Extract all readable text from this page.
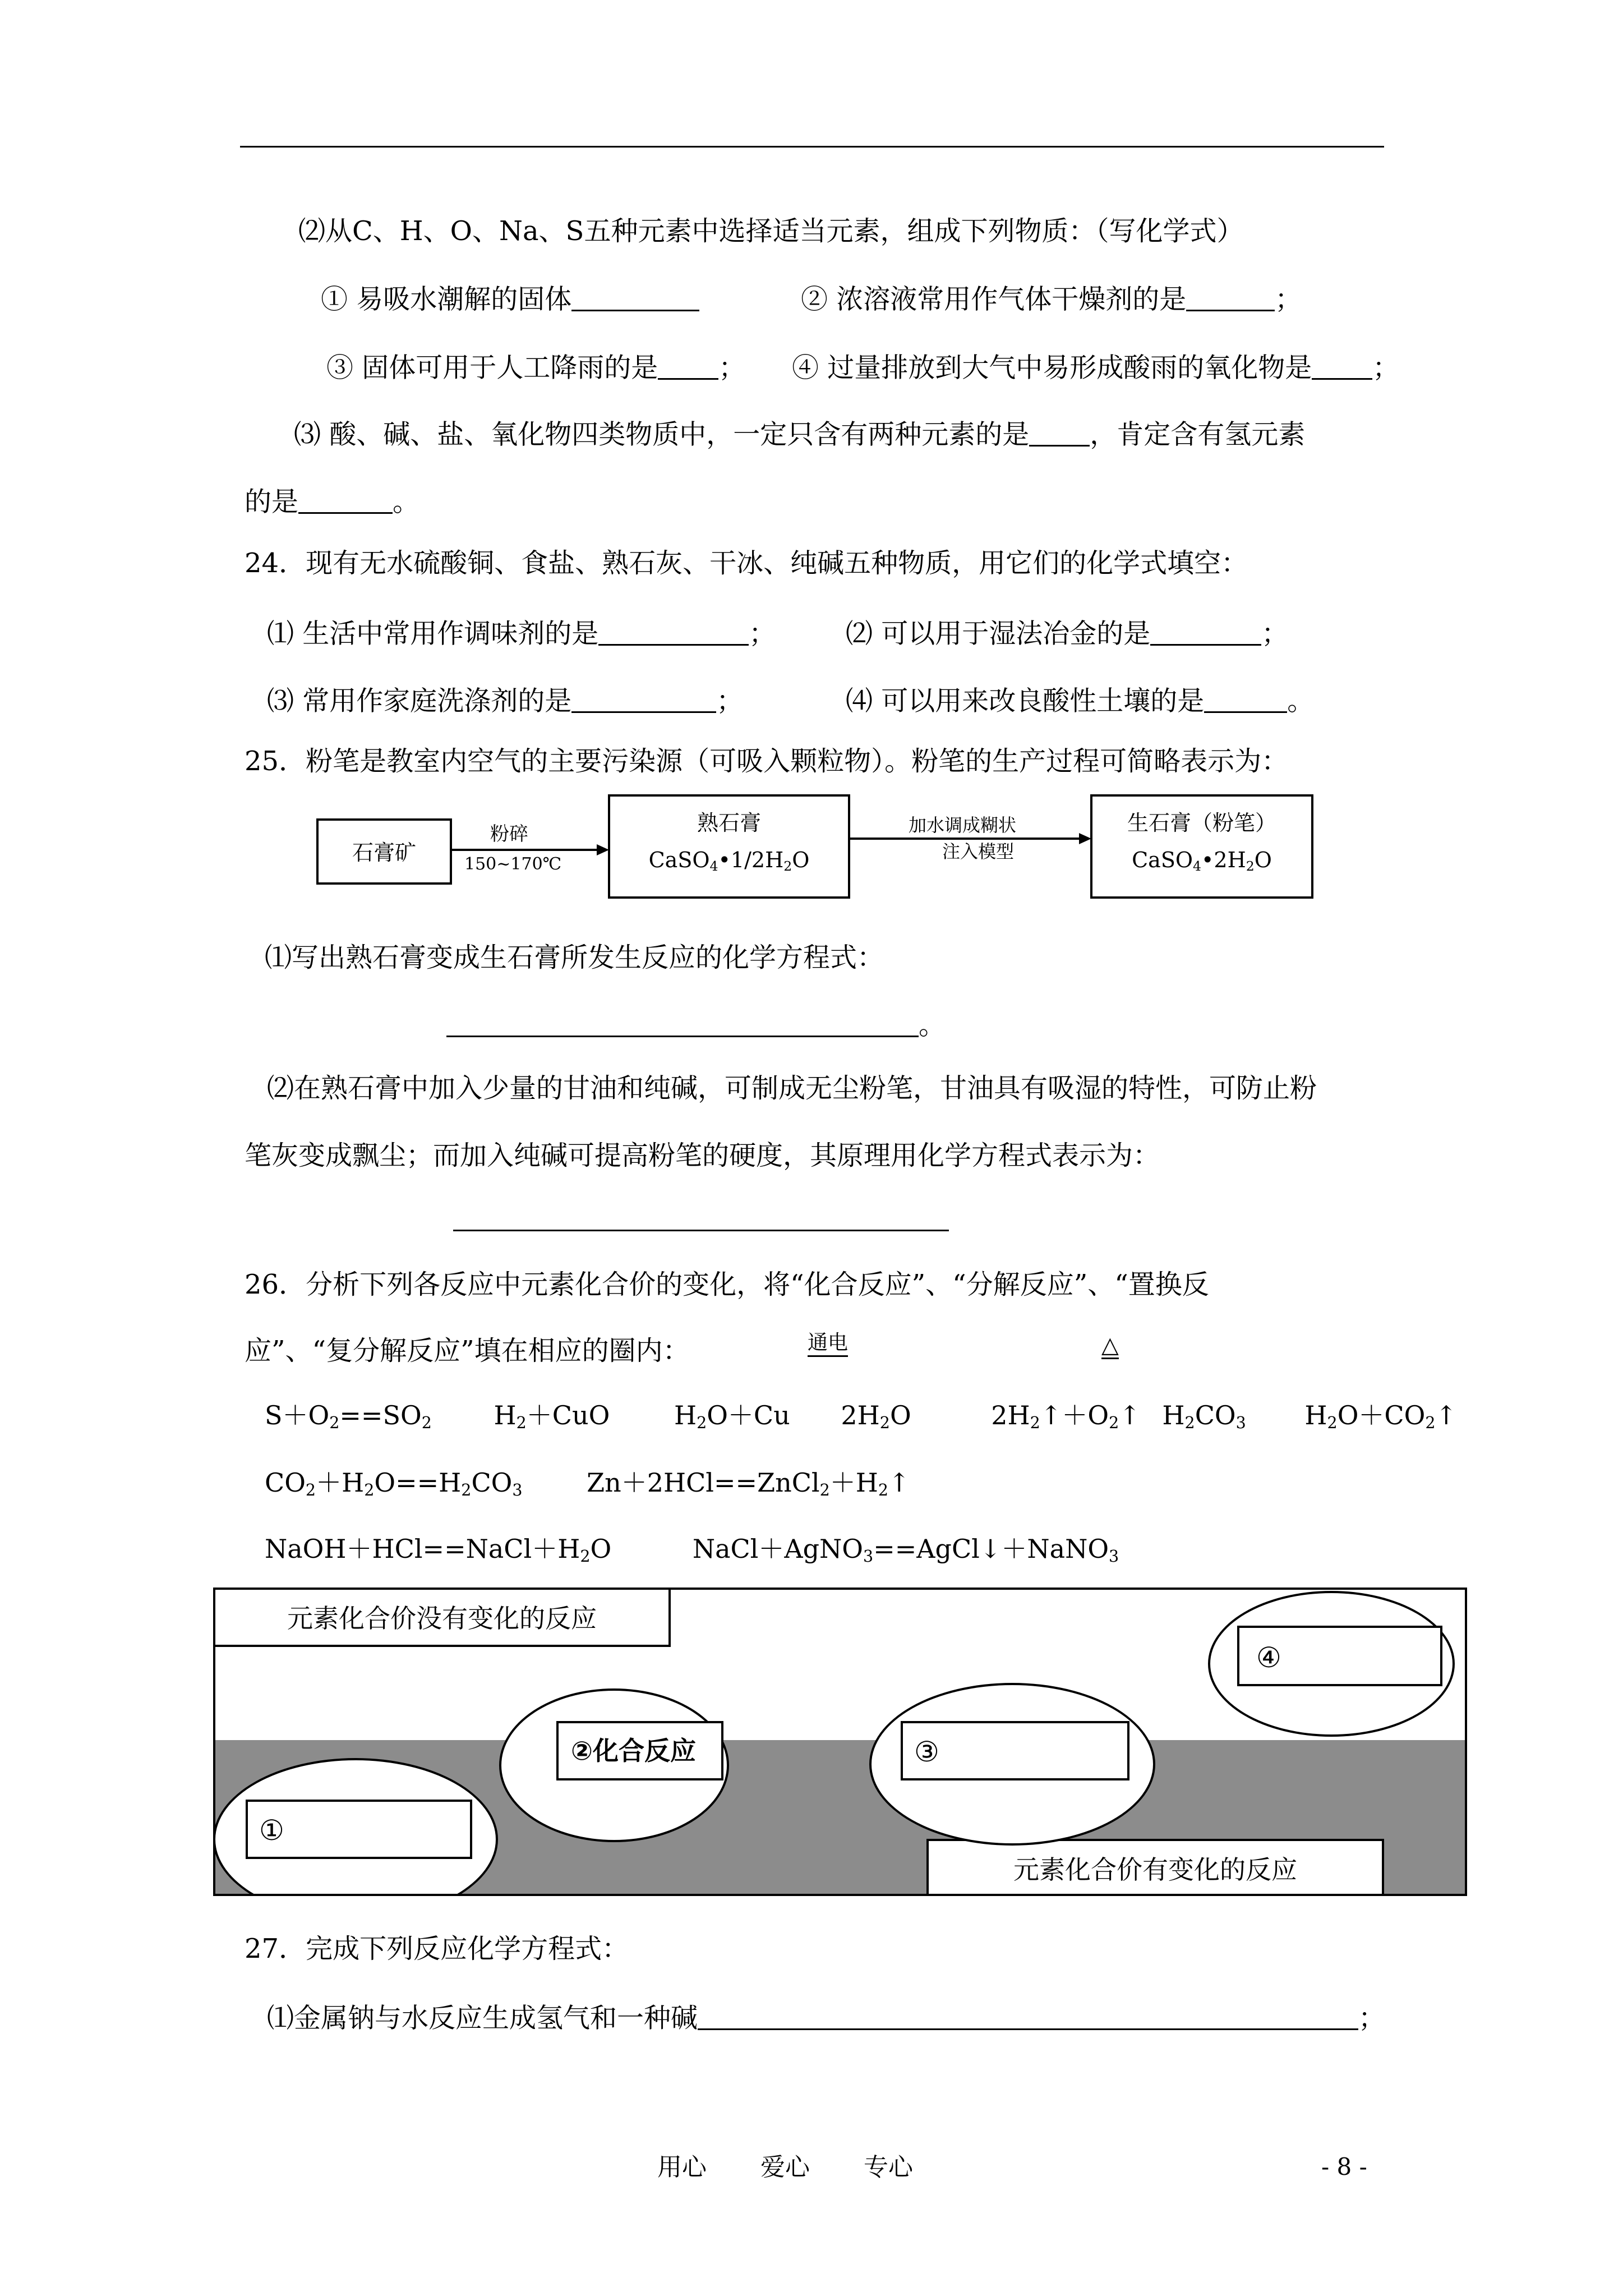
⑵从C、H、O、Na、S五种元素中选择适当元素，组成下列物质：（写化学式）
① 易吸水潮解的固体	② 浓溶液常用作气体干燥剂的是	；
③ 固体可用于人工降雨的是 ； ④ 过量排放到大气中易形成酸雨的氧化物是 ；
⑶ 酸、碱、盐、氧化物四类物质中，一定只含有两种元素的是 ，肯定含有氢元素
的是	。
24．现有无水硫酸铜、食盐、熟石灰、干冰、纯碱五种物质，用它们的化学式填空：
⑴ 生活中常用作调味剂的是	；	⑵ 可以用于湿法冶金的是	；
⑶ 常用作家庭洗涤剂的是	；	⑷ 可以用来改良酸性土壤的是	。
25．粉笔是教室内空气的主要污染源（可吸入颗粒物）。粉笔的生产过程可简略表示为：
石膏矿
粉碎
150~170℃
熟石膏
$CaSO_4•1/2H_2O$
加水调成糊状
注入模型
生石膏（粉笔）
$CaSO_4•2H_2O$
⑴写出熟石膏变成生石膏所发生反应的化学方程式：
。
⑵在熟石膏中加入少量的甘油和纯碱，可制成无尘粉笔，甘油具有吸湿的特性，可防止粉
笔灰变成飘尘；而加入纯碱可提高粉笔的硬度，其原理用化学方程式表示为：
26．分析下列各反应中元素化合价的变化，将“化合反应”、“分解反应”、“置换反
应”、“复分解反应”填在相应的圈内：	通电	△
$S+O_2==SO_2$ $H_2+CuO$ $H_2O+Cu$ $2H_2O$	$2H_2↑+O_2↑$ $H_2CO_3$ $H_2O+CO_2↑$
$CO_2+H_2O==H_2CO_3$ $Zn+2HCl==ZnCl_2+H_2↑$
$NaOH+HCl==NaCl+H_2O$	NaCl＋AgNO$_3$==AgCl↓＋NaNO$_3$
元素化合价没有变化的反应
元素化合价有变化的反应
①
②化合反应	③
④
27．完成下列反应化学方程式：
⑴金属钠与水反应生成氢气和一种碱	；
用心 爱心 专心	- 8 -
